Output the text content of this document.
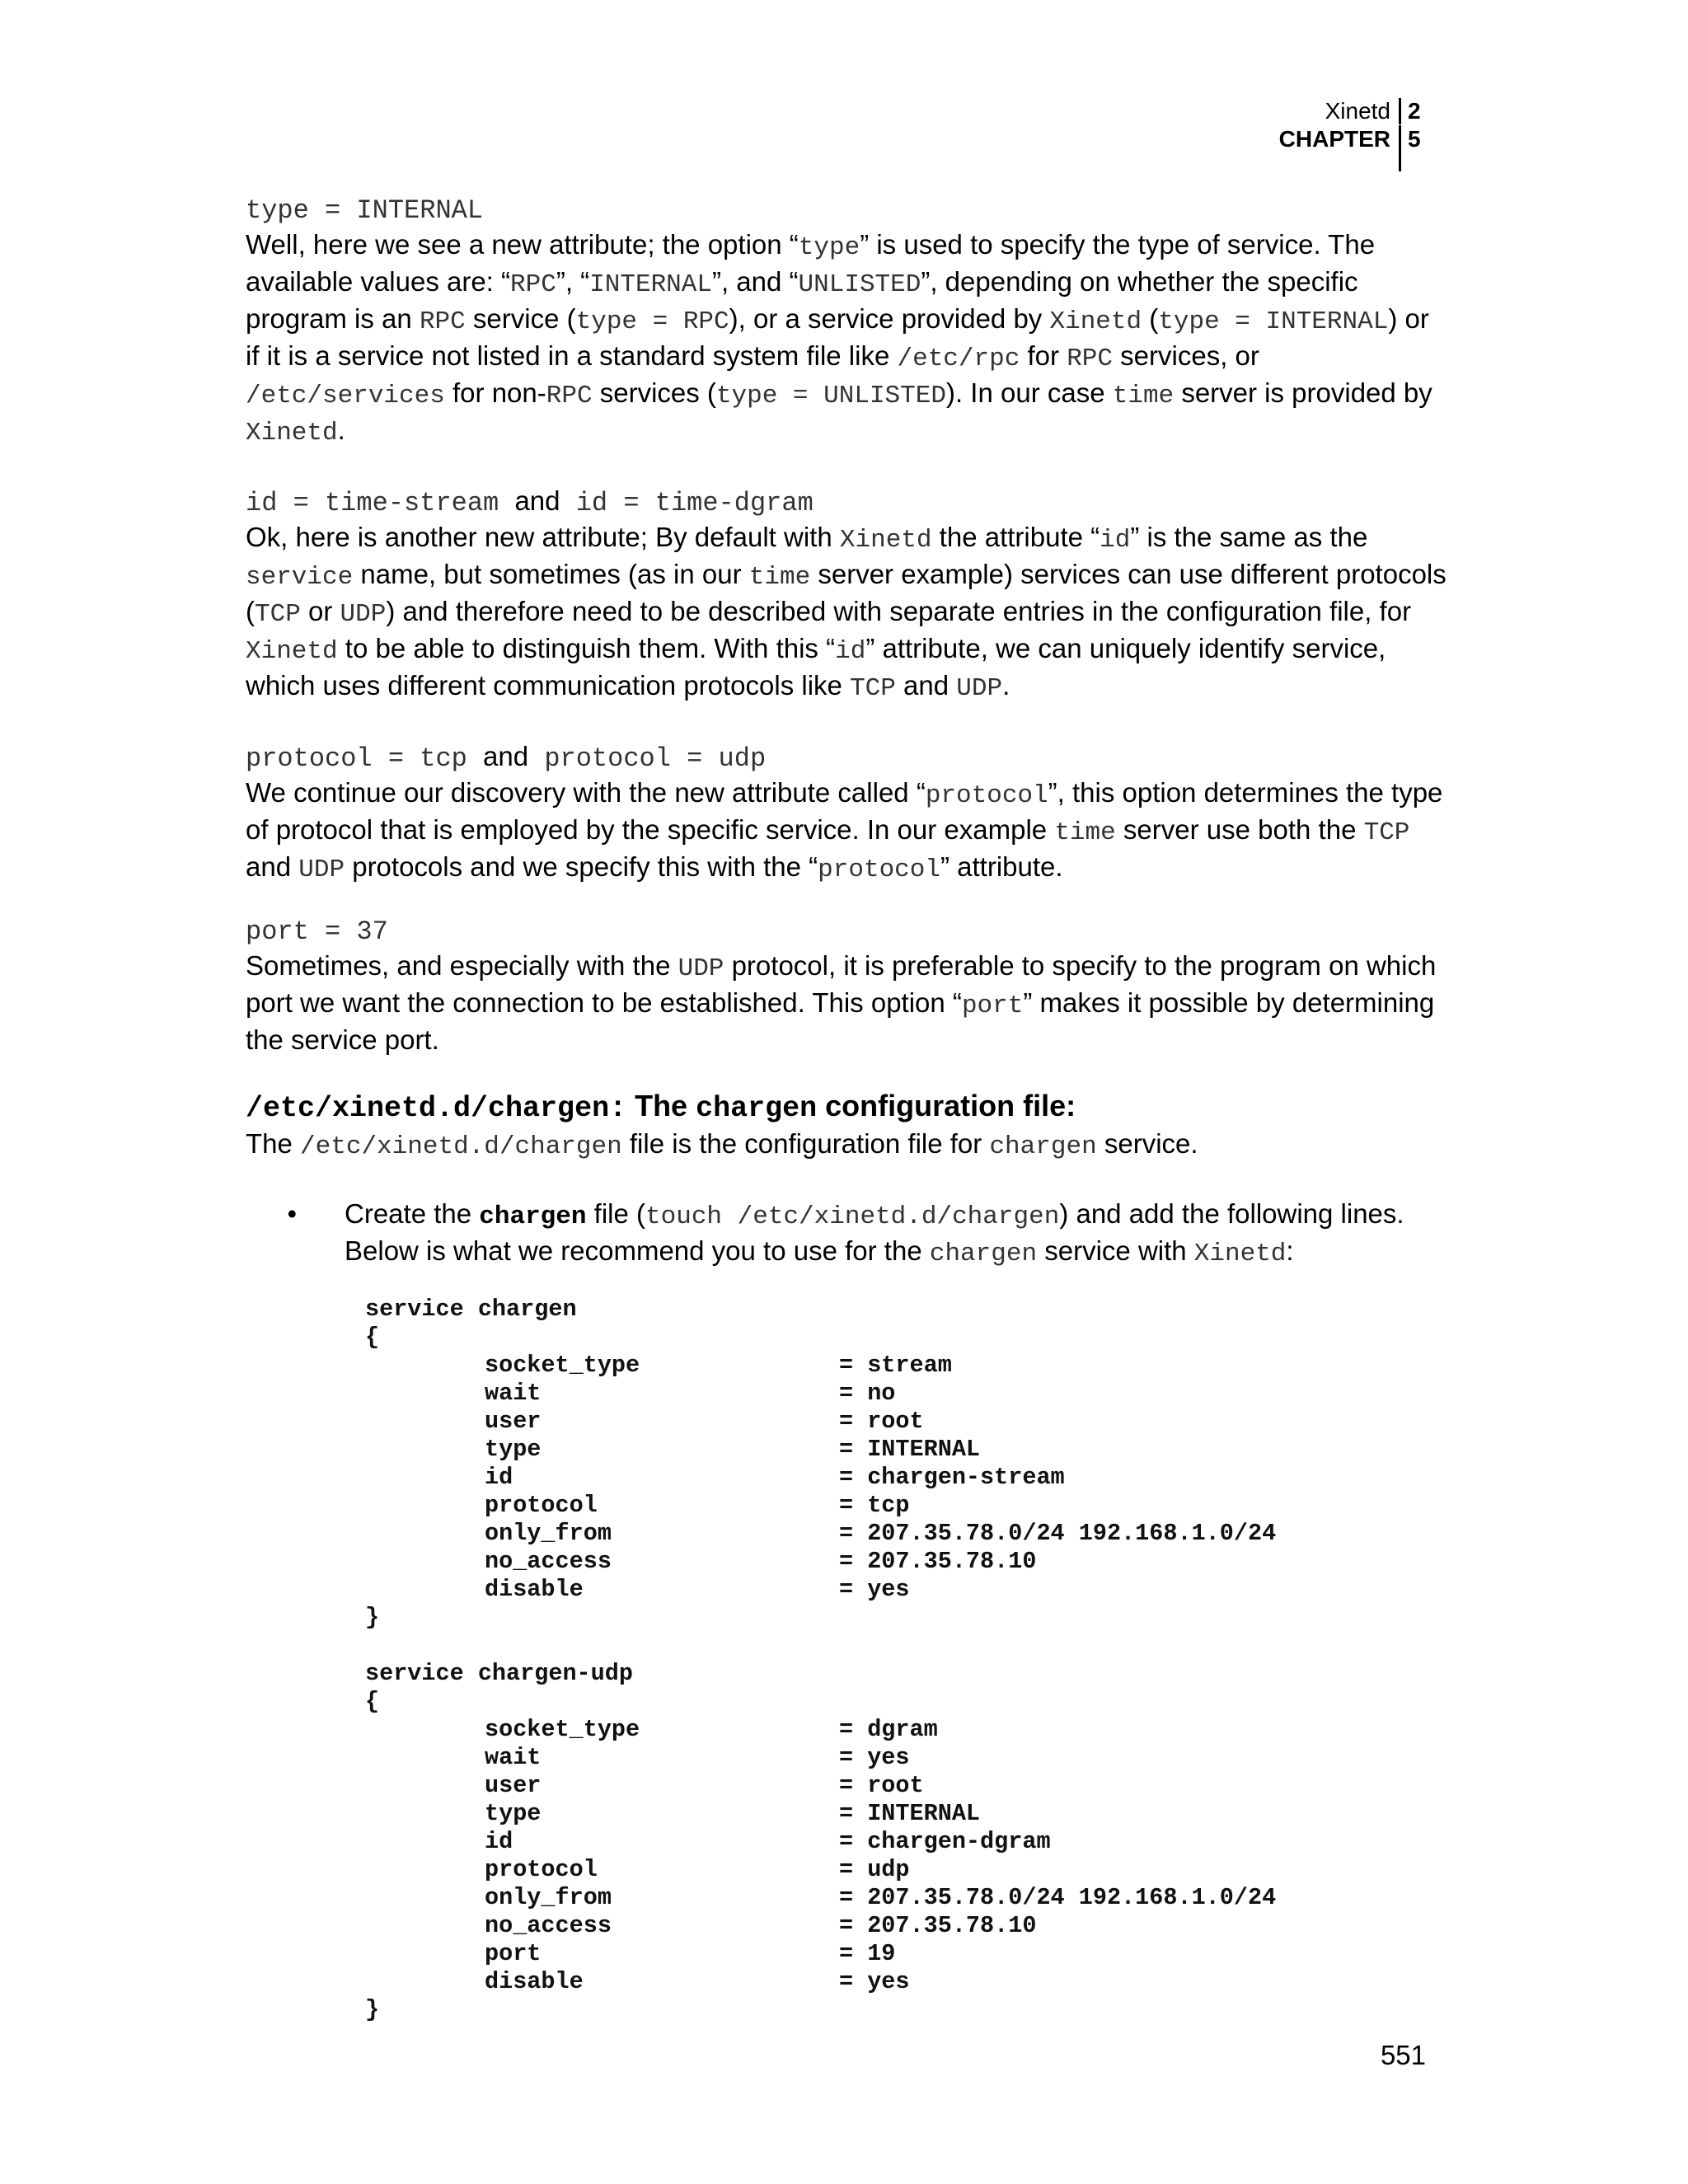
Xinetd 2
CHAPTER 5
type = INTERNAL

Well, here we see a new attribute; the option “type” is used to specify the type of service. The available values are: “RPC”, “INTERNAL”, and “UNLISTED”, depending on whether the specific program is an RPC service (type = RPC), or a service provided by Xinetd (type = INTERNAL) or if it is a service not listed in a standard system file like /etc/rpc for RPC services, or /etc/services for non-RPC services (type = UNLISTED). In our case time server is provided by Xinetd.

id = time-stream and id = time-dgram

Ok, here is another new attribute; By default with Xinetd the attribute “id” is the same as the service name, but sometimes (as in our time server example) services can use different protocols (TCP or UDP) and therefore need to be described with separate entries in the configuration file, for Xinetd to be able to distinguish them. With this “id” attribute, we can uniquely identify service, which uses different communication protocols like TCP and UDP.

protocol = tcp and protocol = udp

We continue our discovery with the new attribute called “protocol”, this option determines the type of protocol that is employed by the specific service. In our example time server use both the TCP and UDP protocols and we specify this with the “protocol” attribute.

port = 37

Sometimes, and especially with the UDP protocol, it is preferable to specify to the program on which port we want the connection to be established. This option “port” makes it possible by determining the service port.

/etc/xinetd.d/chargen: The chargen configuration file:

The /etc/xinetd.d/chargen file is the configuration file for chargen service.

•	Create the chargen file (touch /etc/xinetd.d/chargen) and add the following lines. Below is what we recommend you to use for the chargen service with Xinetd:
service chargen
{
socket_type	= stream
wait	= no
user	= root
type	= INTERNAL
id	= chargen-stream
protocol	= tcp
only_from	= 207.35.78.0/24 192.168.1.0/24
no_access	= 207.35.78.10
disable	= yes
}

service chargen-udp
{
socket_type	= dgram
wait	= yes
user	= root
type	= INTERNAL
id	= chargen-dgram
protocol	= udp
only_from	= 207.35.78.0/24 192.168.1.0/24
no_access	= 207.35.78.10
port	= 19
disable	= yes
}
551
